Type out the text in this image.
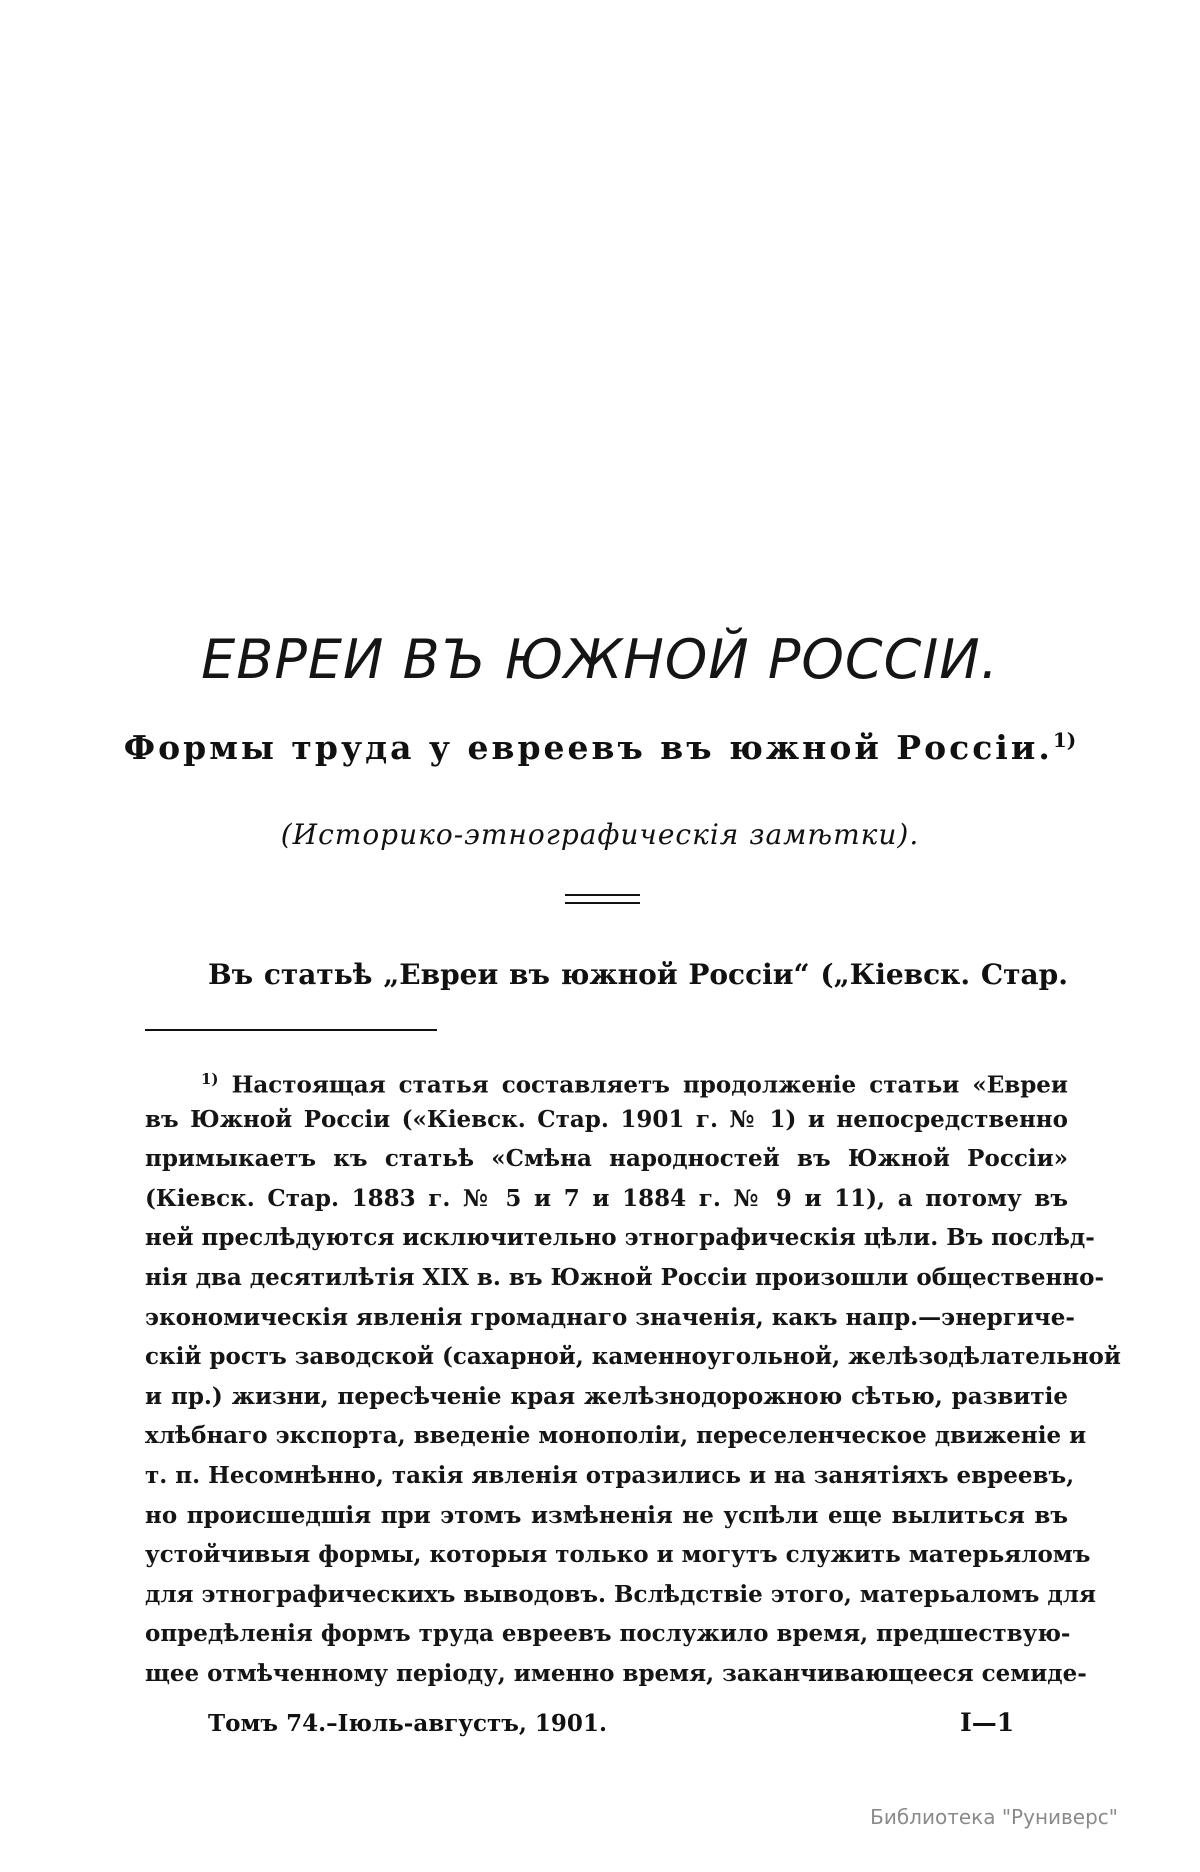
ЕВРЕИ ВЪ ЮЖНОЙ РОССІИ.
Формы труда у евреевъ въ южной Россіи.$^{1)}$
(Историко-этнографическія замѣтки).
Въ статьѣ „Евреи въ южной Россіи“ („Кіевск. Стар.
$^{1)}$ Настоящая статья составляетъ продолженіе статьи «Евреи
въ Южной Россіи («Кіевск. Стар. 1901 г. № 1) и непосредственно
примыкаетъ къ статьѣ «Смѣна народностей въ Южной Россіи»
(Кіевск. Стар. 1883 г. № 5 и 7 и 1884 г. № 9 и 11), а потому въ
ней преслѣдуются исключительно этнографическія цѣли. Въ послѣд-
нія два десятилѣтія XIX в. въ Южной Россіи произошли общественно-
экономическія явленія громаднаго значенія, какъ напр.—энергиче-
скій ростъ заводской (сахарной, каменноугольной, желѣзодѣлательной
и пр.) жизни, пересѣченіе края желѣзнодорожною сѣтью, развитіе
хлѣбнаго экспорта, введеніе монополіи, переселенческое движеніе и
т. п. Несомнѣнно, такія явленія отразились и на занятіяхъ евреевъ,
но происшедшія при этомъ измѣненія не успѣли еще вылиться въ
устойчивыя формы, которыя только и могутъ служить матерьяломъ
для этнографическихъ выводовъ. Вслѣдствіе этого, матерьаломъ для
опредѣленія формъ труда евреевъ послужило время, предшествую-
щее отмѣченному періоду, именно время, заканчивающееся семиде-
Томъ 74.–Іюль-августъ, 1901.	I—1
Библиотека "Руниверс"
